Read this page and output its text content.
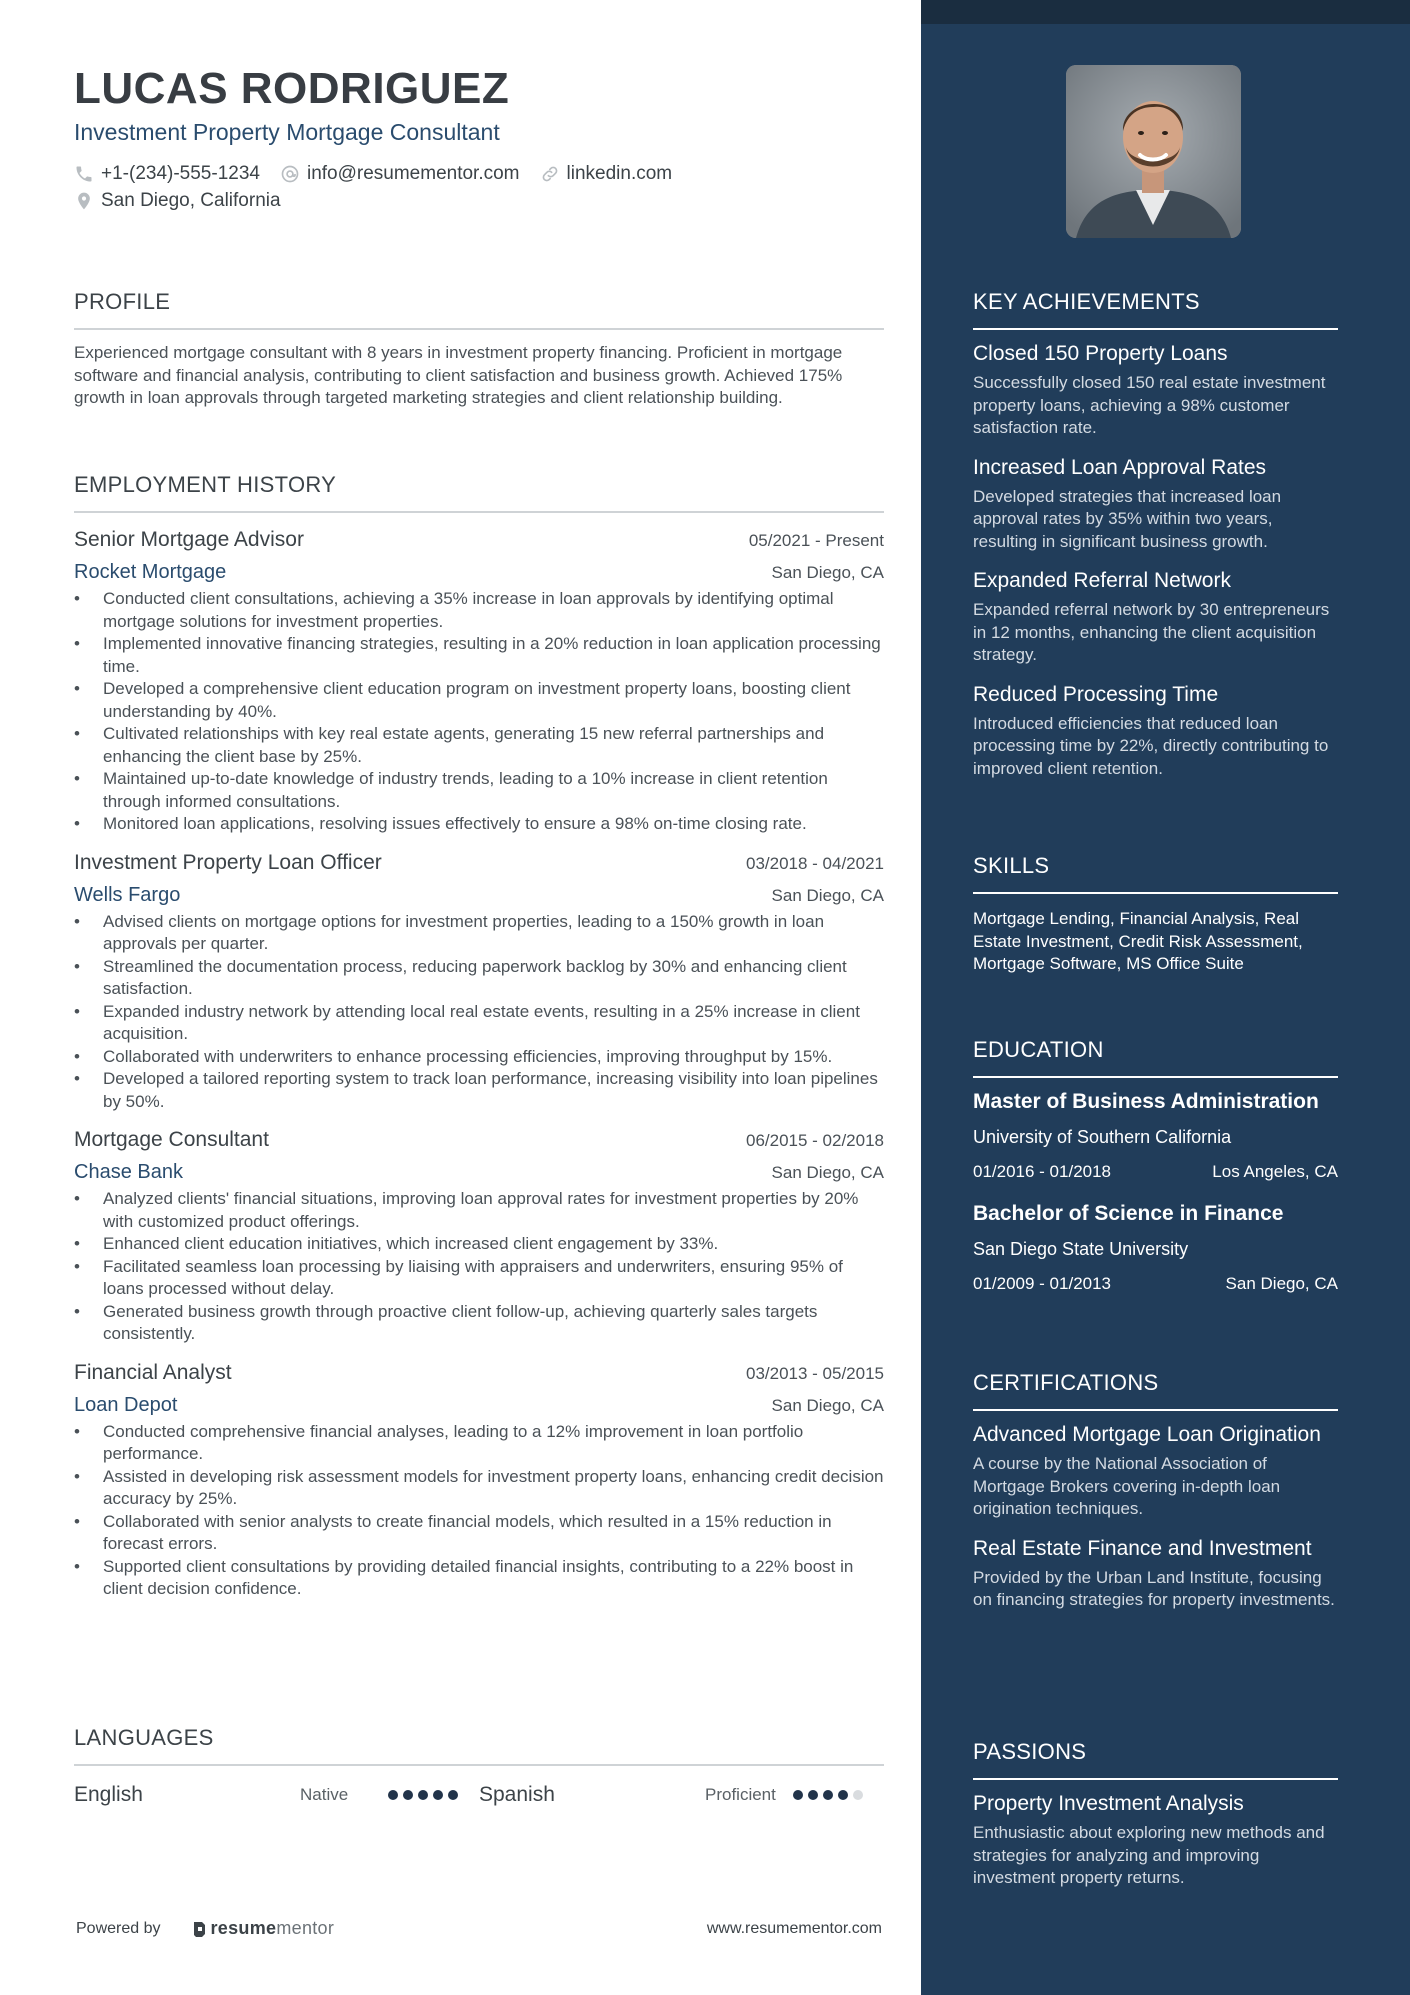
LUCAS RODRIGUEZ
Investment Property Mortgage Consultant
+1-(234)-555-1234 info@resumementor.com linkedin.com
San Diego, California
PROFILE
Experienced mortgage consultant with 8 years in investment property financing. Proficient in mortgage software and financial analysis, contributing to client satisfaction and business growth. Achieved 175% growth in loan approvals through targeted marketing strategies and client relationship building.
EMPLOYMENT HISTORY
Senior Mortgage Advisor	05/2021 - Present
Rocket Mortgage	San Diego, CA
• Conducted client consultations, achieving a 35% increase in loan approvals by identifying optimal mortgage solutions for investment properties.
• Implemented innovative financing strategies, resulting in a 20% reduction in loan application processing time.
• Developed a comprehensive client education program on investment property loans, boosting client understanding by 40%.
• Cultivated relationships with key real estate agents, generating 15 new referral partnerships and enhancing the client base by 25%.
• Maintained up-to-date knowledge of industry trends, leading to a 10% increase in client retention through informed consultations.
• Monitored loan applications, resolving issues effectively to ensure a 98% on-time closing rate.
Investment Property Loan Officer	03/2018 - 04/2021
Wells Fargo	San Diego, CA
• Advised clients on mortgage options for investment properties, leading to a 150% growth in loan approvals per quarter.
• Streamlined the documentation process, reducing paperwork backlog by 30% and enhancing client satisfaction.
• Expanded industry network by attending local real estate events, resulting in a 25% increase in client acquisition.
• Collaborated with underwriters to enhance processing efficiencies, improving throughput by 15%.
• Developed a tailored reporting system to track loan performance, increasing visibility into loan pipelines by 50%.
Mortgage Consultant	06/2015 - 02/2018
Chase Bank	San Diego, CA
• Analyzed clients' financial situations, improving loan approval rates for investment properties by 20% with customized product offerings.
• Enhanced client education initiatives, which increased client engagement by 33%.
• Facilitated seamless loan processing by liaising with appraisers and underwriters, ensuring 95% of loans processed without delay.
• Generated business growth through proactive client follow-up, achieving quarterly sales targets consistently.
Financial Analyst	03/2013 - 05/2015
Loan Depot	San Diego, CA
• Conducted comprehensive financial analyses, leading to a 12% improvement in loan portfolio performance.
• Assisted in developing risk assessment models for investment property loans, enhancing credit decision accuracy by 25%.
• Collaborated with senior analysts to create financial models, which resulted in a 15% reduction in forecast errors.
• Supported client consultations by providing detailed financial insights, contributing to a 22% boost in client decision confidence.
LANGUAGES
English	Native	Spanish	Proficient
Powered by	resume mentor	www.resumementor.com
KEY ACHIEVEMENTS
Closed 150 Property Loans
Successfully closed 150 real estate investment property loans, achieving a 98% customer satisfaction rate.
Increased Loan Approval Rates
Developed strategies that increased loan approval rates by 35% within two years, resulting in significant business growth.
Expanded Referral Network
Expanded referral network by 30 entrepreneurs in 12 months, enhancing the client acquisition strategy.
Reduced Processing Time
Introduced efficiencies that reduced loan processing time by 22%, directly contributing to improved client retention.
SKILLS
Mortgage Lending, Financial Analysis, Real Estate Investment, Credit Risk Assessment, Mortgage Software, MS Office Suite
EDUCATION
Master of Business Administration
University of Southern California
01/2016 - 01/2018	Los Angeles, CA
Bachelor of Science in Finance
San Diego State University
01/2009 - 01/2013	San Diego, CA
CERTIFICATIONS
Advanced Mortgage Loan Origination
A course by the National Association of Mortgage Brokers covering in-depth loan origination techniques.
Real Estate Finance and Investment
Provided by the Urban Land Institute, focusing on financing strategies for property investments.
PASSIONS
Property Investment Analysis
Enthusiastic about exploring new methods and strategies for analyzing and improving investment property returns.
